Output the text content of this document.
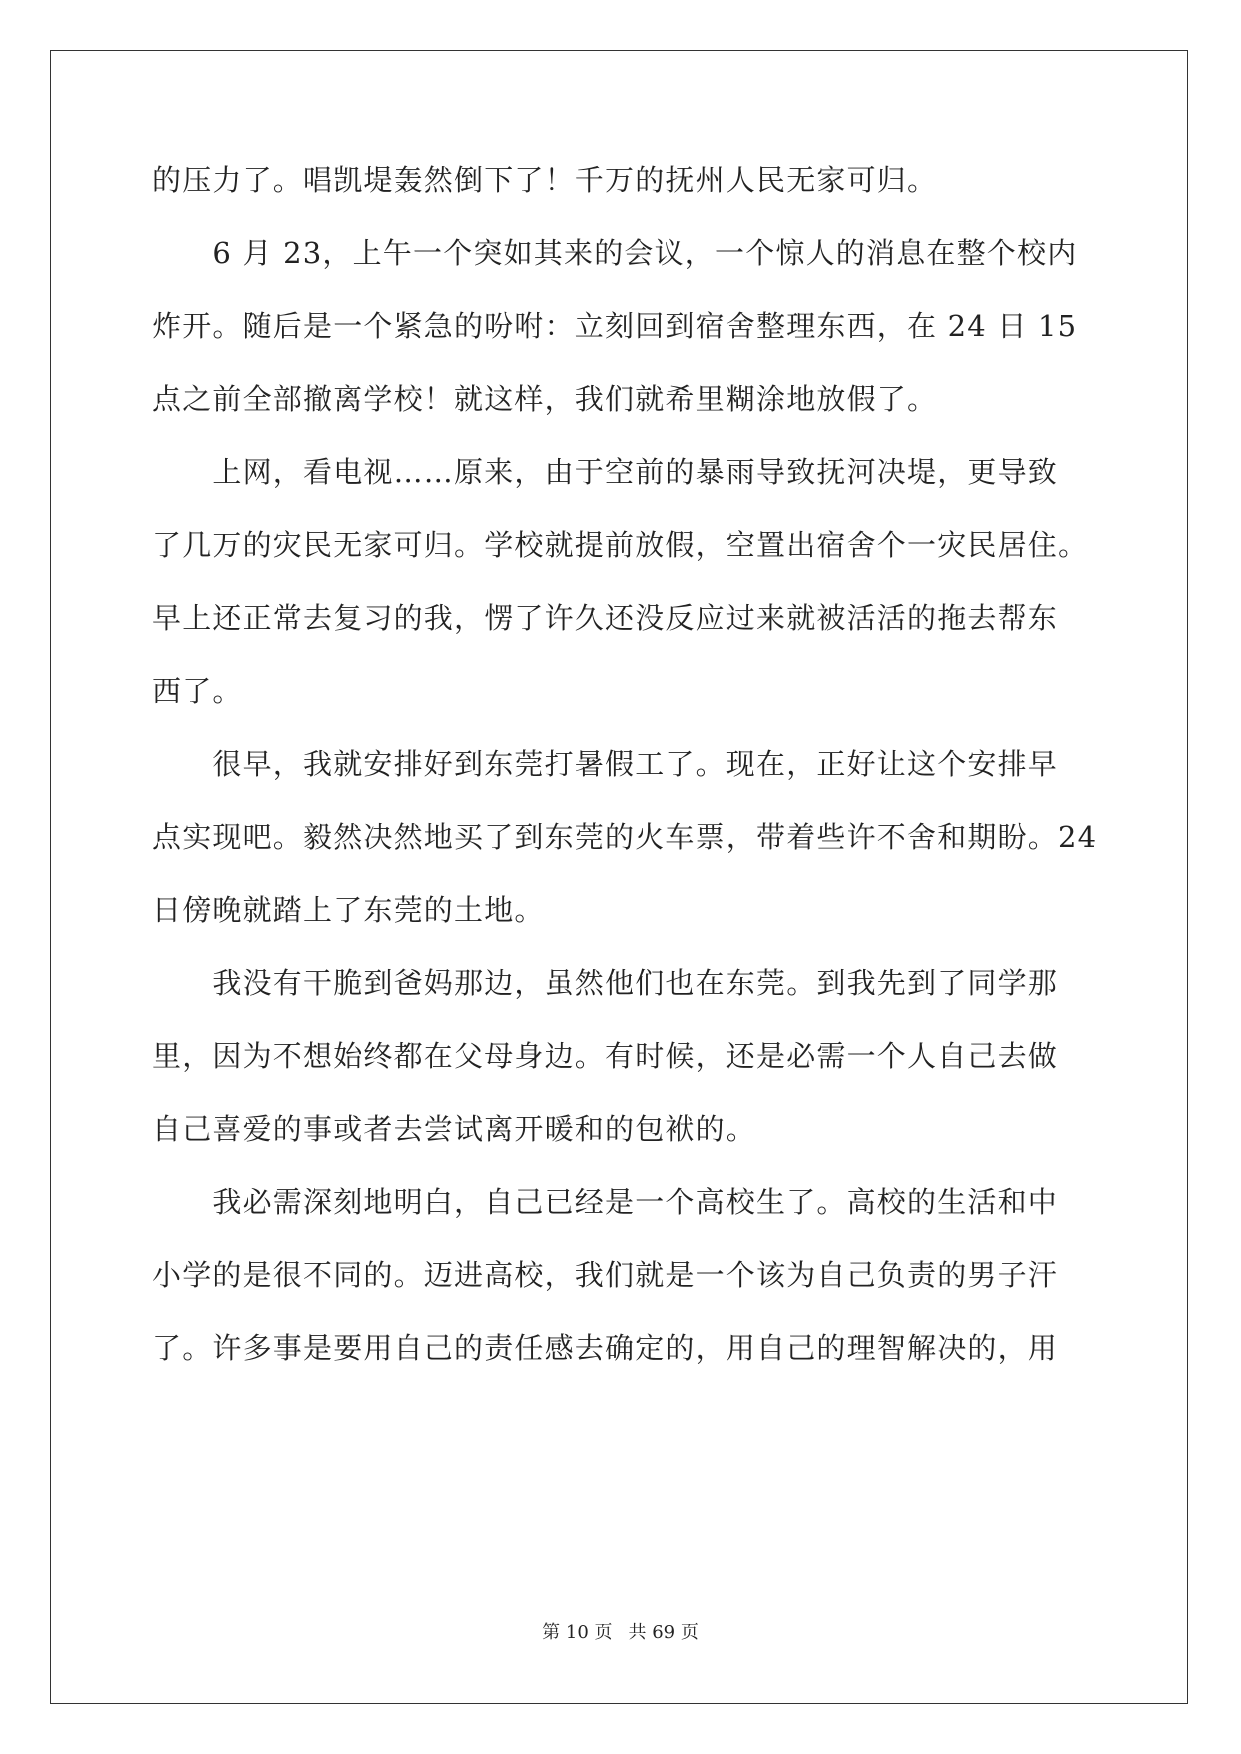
的压力了。唱凯堤轰然倒下了！千万的抚州人民无家可归。
　　6 月 23，上午一个突如其来的会议，一个惊人的消息在整个校内
炸开。随后是一个紧急的吩咐：立刻回到宿舍整理东西，在 24 日 15
点之前全部撤离学校！就这样，我们就希里糊涂地放假了。
　　上网，看电视……原来，由于空前的暴雨导致抚河决堤，更导致
了几万的灾民无家可归。学校就提前放假，空置出宿舍个一灾民居住。
早上还正常去复习的我，愣了许久还没反应过来就被活活的拖去帮东
西了。
　　很早，我就安排好到东莞打暑假工了。现在，正好让这个安排早
点实现吧。毅然决然地买了到东莞的火车票，带着些许不舍和期盼。24
日傍晚就踏上了东莞的土地。
　　我没有干脆到爸妈那边，虽然他们也在东莞。到我先到了同学那
里，因为不想始终都在父母身边。有时候，还是必需一个人自己去做
自己喜爱的事或者去尝试离开暖和的包袱的。
　　我必需深刻地明白，自己已经是一个高校生了。高校的生活和中
小学的是很不同的。迈进高校，我们就是一个该为自己负责的男子汗
了。许多事是要用自己的责任感去确定的，用自己的理智解决的，用
第 10 页 共 69 页
